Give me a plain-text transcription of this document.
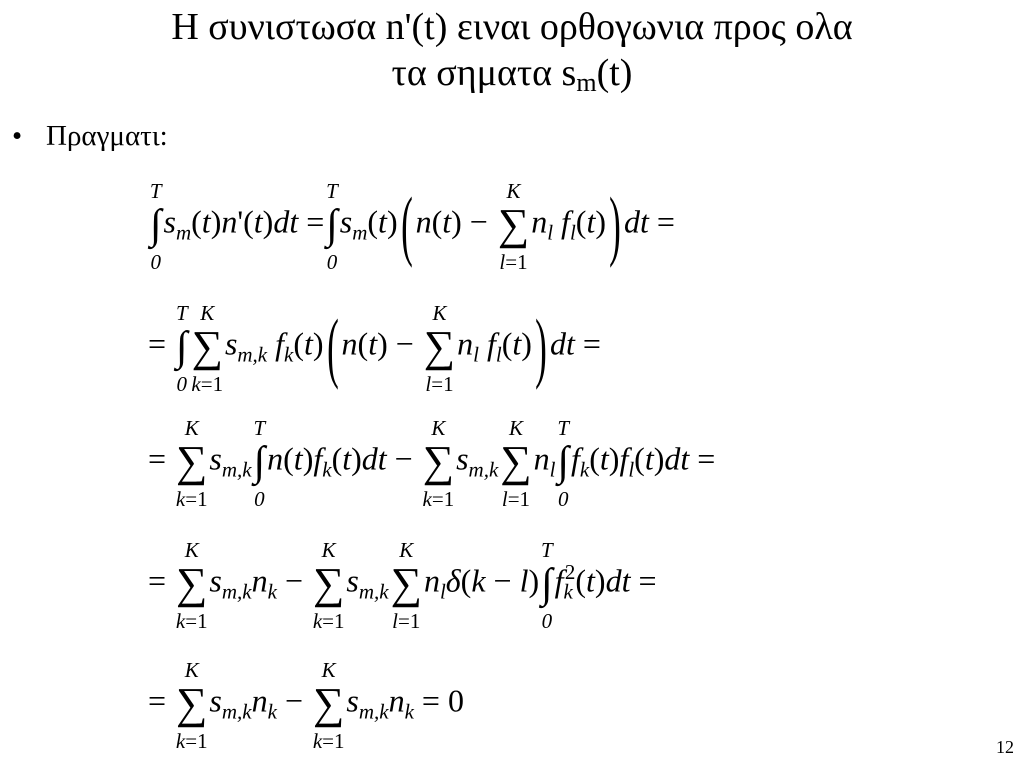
Η συνιστωσα n'(t) ειναι ορθογωνια προς ολα
τα σηματα $s_m(t)$
• Πραγματι:
T
∫
0
$s_m(t)n'(t)dt$ =
T
∫
0
$s_m(t)(n(t)$ −
K
∑
l=1
$n_l$ $f_l(t))dt$ =
=
T
∫
0
K
∑
k=1
$s_{m,k}$ $f_k(t)(n(t)$ −
K
∑
l=1
$n_l$ $f_l(t))dt$ =
=
K
∑
k=1
$s_{m,k}$
T
∫
0
$n(t)f_k(t)dt$ −
K
∑
k=1
$s_{m,k}$
K
∑
l=1
$n_l$
T
∫
0
$f_k(t)f_l(t)dt$ =
=
K
∑
k=1
$s_{m,k}n_k$ −
K
∑
k=1
$s_{m,k}$
K
∑
l=1
$n_l\delta(k - l)$
T
∫
0
$f_k^2(t)dt$ =
=
K
∑
k=1
$s_{m,k}n_k$ −
K
∑
k=1
$s_{m,k}n_k = 0$
12
